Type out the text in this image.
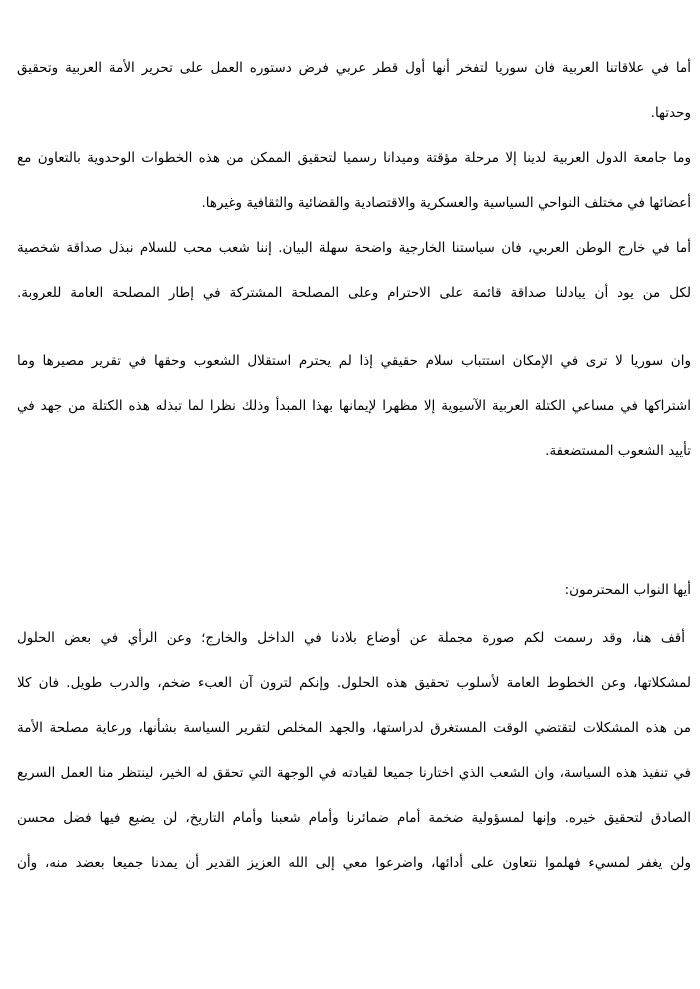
أما في علاقاتنا العربية فان سوريا لتفخر أنها أول قطر عربي فرض دستوره العمل على تحرير الأمة العربية وتحقيق
وحدتها.
وما جامعة الدول العربية لدينا إلا مرحلة مؤقتة وميدانا رسميا لتحقيق الممكن من هذه الخطوات الوحدوية بالتعاون مع
أعضائها في مختلف النواحي السياسية والعسكرية والاقتصادية والقضائية والثقافية وغيرها.
أما في خارج الوطن العربي، فان سياستنا الخارجية واضحة سهلة البيان. إننا شعب محب للسلام نبذل صداقة شخصية
لكل من يود أن يبادلنا صداقة قائمة على الاحترام وعلى المصلحة المشتركة في إطار المصلحة العامة للعروبة.
وان سوريا لا ترى في الإمكان استتباب سلام حقيقي إذا لم يحترم استقلال الشعوب وحقها في تقرير مصيرها وما
اشتراكها في مساعي الكتلة العربية الآسيوية إلا مظهرا لإيمانها بهذا المبدأ وذلك نظرا لما تبذله هذه الكتلة من جهد في
تأييد الشعوب المستضعفة.
أيها النواب المحترمون:
أقف هنا، وقد رسمت لكم صورة مجملة عن أوضاع بلادنا في الداخل والخارج؛ وعن الرأي في بعض الحلول
لمشكلاتها، وعن الخطوط العامة لأسلوب تحقيق هذه الحلول. وإنكم لترون آن العبء ضخم، والدرب طويل. فان كلا
من هذه المشكلات لتقتضي الوقت المستغرق لدراستها، والجهد المخلص لتقرير السياسة بشأنها، ورعاية مصلحة الأمة
في تنفيذ هذه السياسة، وان الشعب الذي اختارنا جميعا لقيادته في الوجهة التي تحقق له الخير، لينتظر منا العمل السريع
الصادق لتحقيق خيره. وإنها لمسؤولية ضخمة أمام ضمائرنا وأمام شعبنا وأمام التاريخ، لن يضيع فيها فضل محسن
ولن يغفر لمسيء فهلموا نتعاون على أدائها، واضرعوا معي إلى الله العزيز القدير أن يمدنا جميعا بعضد منه، وأن
